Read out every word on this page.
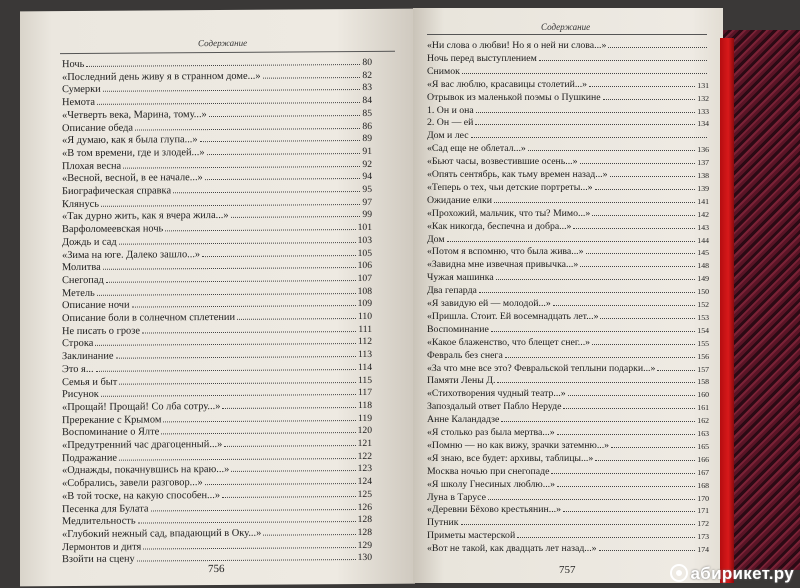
Содержание
Ночь	80
«Последний день живу я в странном доме...»	82
Сумерки	83
Немота	84
«Четверть века, Марина, тому...»	85
Описание обеда	86
«Я думаю, как я была глупа...»	89
«В том времени, где и злодей...»	91
Плохая весна	92
«Весной, весной, в ее начале...»	94
Биографическая справка	95
Клянусь	97
«Так дурно жить, как я вчера жила...»	99
Варфоломеевская ночь	101
Дождь и сад	103
«Зима на юге. Далеко зашло...»	105
Молитва	106
Снегопад	107
Метель	108
Описание ночи	109
Описание боли в солнечном сплетении	110
Не писать о грозе	111
Строка	112
Заклинание	113
Это я...	114
Семья и быт	115
Рисунок	117
«Прощай! Прощай! Со лба сотру...»	118
Пререкание с Крымом	119
Воспоминание о Ялте	120
«Предутренний час драгоценный...»	121
Подражание	122
«Однажды, покачнувшись на краю...»	123
«Собрались, завели разговор...»	124
«В той тоске, на какую способен...»	125
Песенка для Булата	126
Медлительность	128
«Глубокий нежный сад, впадающий в Оку...»	128
Лермонтов и дитя	129
Взойти на сцену	130
756
Содержание
«Ни слова о любви! Но я о ней ни слова...»
Ночь перед выступлением
Снимок
«Я вас люблю, красавицы столетий...»	131
Отрывок из маленькой поэмы о Пушкине	132
1. Он и она	133
2. Он — ей	134
Дом и лес
«Сад еще не облетал...»	136
«Бьют часы, возвестившие осень...»	137
«Опять сентябрь, как тьму времен назад...»	138
«Теперь о тех, чьи детские портреты...»	139
Ожидание елки	141
«Прохожий, мальчик, что ты? Мимо...»	142
«Как никогда, беспечна и добра...»	143
Дом	144
«Потом я вспомню, что была жива...»	145
«Завидна мне извечная привычка...»	148
Чужая машинка	149
Два гепарда	150
«Я завидую ей — молодой...»	152
«Пришла. Стоит. Ей восемнадцать лет...»	153
Воспоминание	154
«Какое блаженство, что блещет снег...»	155
Февраль без снега	156
«За что мне все это? Февральской теплыни подарки...»	157
Памяти Лены Д.	158
«Стихотворения чудный театр...»	160
Запоздалый ответ Пабло Неруде	161
Анне Каландадзе	162
«Я столько раз была мертва...»	163
«Помню — но как вижу, зрачки затемню...»	165
«Я знаю, все будет: архивы, таблицы...»	166
Москва ночью при снегопаде	167
«Я школу Гнесиных люблю...»	168
Луна в Тарусе	170
«Деревни Бёхово крестьянин...»	171
Путник	172
Приметы мастерской	173
«Вот не такой, как двадцать лет назад...»	174
757	абирикет.ру
